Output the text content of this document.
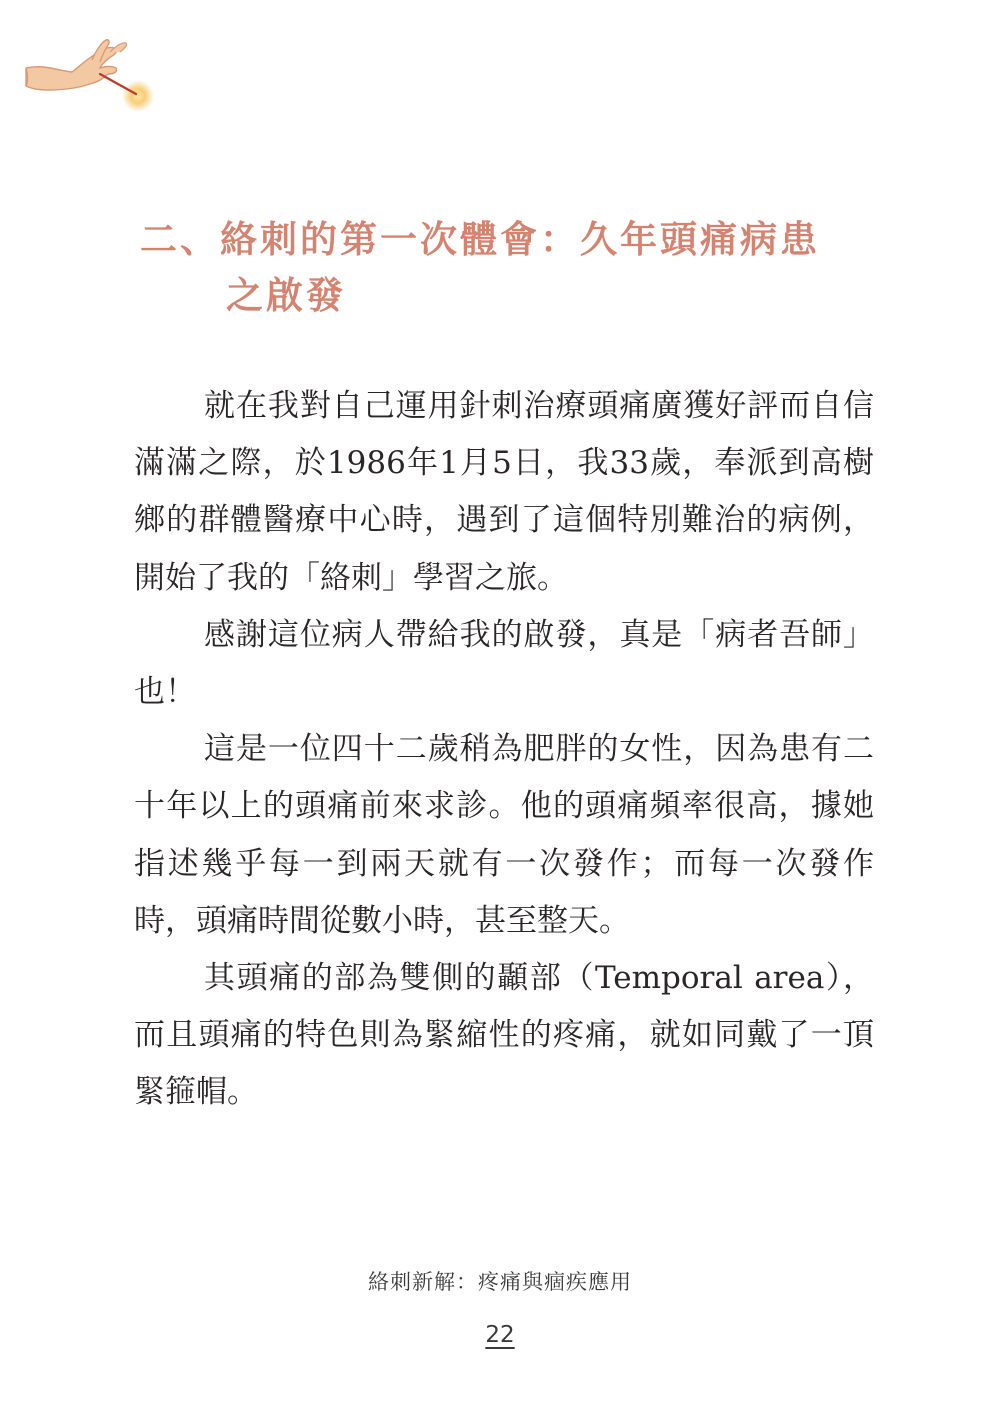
二、絡刺的第一次體會：久年頭痛病患
之啟發

就在我對自己運用針刺治療頭痛廣獲好評而自信滿滿之際，於1986年1月5日，我33歲，奉派到高樹鄉的群體醫療中心時，遇到了這個特別難治的病例，開始了我的「絡刺」學習之旅。

感謝這位病人帶給我的啟發，真是「病者吾師」也！

這是一位四十二歲稍為肥胖的女性，因為患有二十年以上的頭痛前來求診。他的頭痛頻率很高，據她指述幾乎每一到兩天就有一次發作；而每一次發作時，頭痛時間從數小時，甚至整天。

其頭痛的部為雙側的顳部（Temporal area），而且頭痛的特色則為緊縮性的疼痛，就如同戴了一頂緊箍帽。

絡刺新解：疼痛與痼疾應用
22
